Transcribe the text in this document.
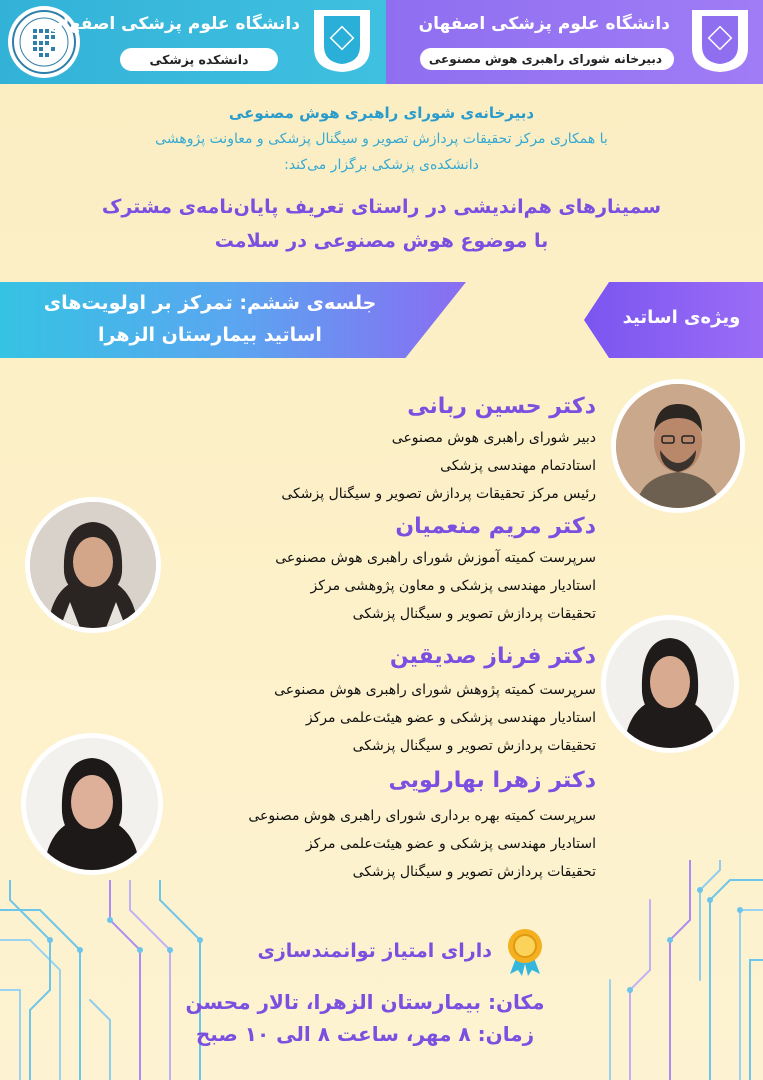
دانشگاه علوم پزشکی اصفهان
دانشکده پزشکی
دانشگاه علوم پزشکی اصفهان
دبیرخانه شورای راهبری هوش مصنوعی
دبیرخانه‌ی شورای راهبری هوش مصنوعی
با همکاری مرکز تحقیقات پردازش تصویر و سیگنال پزشکی و معاونت پژوهشی
دانشکده‌ی پزشکی برگزار می‌کند:
سمینارهای هم‌اندیشی در راستای تعریف پایان‌نامه‌ی مشترک
با موضوع هوش مصنوعی در سلامت
جلسه‌ی ششم: تمرکز بر اولویت‌های
اساتید بیمارستان الزهرا
ویژه‌ی اساتید
دکتر حسین ربانی
دبیر شورای راهبری هوش مصنوعی
استادتمام مهندسی پزشکی
رئیس مرکز تحقیقات پردازش تصویر و سیگنال پزشکی
دکتر مریم منعمیان
سرپرست کمیته آموزش شورای راهبری هوش مصنوعی
استادیار مهندسی پزشکی و معاون پژوهشی مرکز
تحقیقات پردازش تصویر و سیگنال پزشکی
دکتر فرناز صدیقین
سرپرست کمیته پژوهش شورای راهبری هوش مصنوعی
استادیار مهندسی پزشکی و عضو هیئت‌علمی مرکز
تحقیقات پردازش تصویر و سیگنال پزشکی
دکتر زهرا بهارلویی
سرپرست کمیته بهره برداری شورای راهبری هوش مصنوعی
استادیار مهندسی پزشکی و عضو هیئت‌علمی مرکز
تحقیقات پردازش تصویر و سیگنال پزشکی
دارای امتیاز توانمندسازی
مکان: بیمارستان الزهرا، تالار محسن
زمان: ۸ مهر، ساعت ۸ الی ۱۰ صبح
